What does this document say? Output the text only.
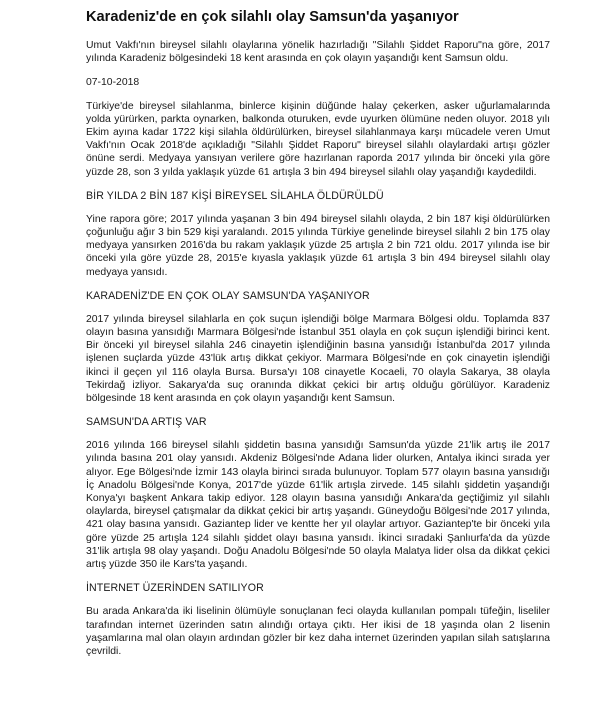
Karadeniz'de en çok silahlı olay Samsun'da yaşanıyor

Umut Vakfı'nın bireysel silahlı olaylarına yönelik hazırladığı "Silahlı Şiddet Raporu"na göre, 2017 yılında Karadeniz bölgesindeki 18 kent arasında en çok olayın yaşandığı kent Samsun oldu.

07-10-2018

Türkiye'de bireysel silahlanma, binlerce kişinin düğünde halay çekerken, asker uğurlamalarında yolda yürürken, parkta oynarken, balkonda oturuken, evde uyurken ölümüne neden oluyor. 2018 yılı Ekim ayına kadar 1722 kişi silahla öldürülürken, bireysel silahlanmaya karşı mücadele veren Umut Vakfı'nın Ocak 2018'de açıkladığı "Silahlı Şiddet Raporu" bireysel silahlı olaylardaki artışı gözler önüne serdi. Medyaya yansıyan verilere göre hazırlanan raporda 2017 yılında bir önceki yıla göre yüzde 28, son 3 yılda yaklaşık yüzde 61 artışla 3 bin 494 bireysel silahlı olay yaşandığı kaydedildi.

BİR YILDA 2 BİN 187 KİŞİ BİREYSEL SİLAHLA ÖLDÜRÜLDÜ

Yine rapora göre; 2017 yılında yaşanan 3 bin 494 bireysel silahlı olayda, 2 bin 187 kişi öldürülürken çoğunluğu ağır 3 bin 529 kişi yaralandı. 2015 yılında Türkiye genelinde bireysel silahlı 2 bin 175 olay medyaya yansırken 2016'da bu rakam yaklaşık yüzde 25 artışla 2 bin 721 oldu. 2017 yılında ise bir önceki yıla göre yüzde 28, 2015'e kıyasla yaklaşık yüzde 61 artışla 3 bin 494 bireysel silahlı olay medyaya yansıdı.

KARADENİZ'DE EN ÇOK OLAY SAMSUN'DA YAŞANIYOR

2017 yılında bireysel silahlarla en çok suçun işlendiği bölge Marmara Bölgesi oldu. Toplamda 837 olayın basına yansıdığı Marmara Bölgesi'nde İstanbul 351 olayla en çok suçun işlendiği birinci kent. Bir önceki yıl bireysel silahla 246 cinayetin işlendiğinin basına yansıdığı İstanbul'da 2017 yılında işlenen suçlarda yüzde 43'lük artış dikkat çekiyor. Marmara Bölgesi'nde en çok cinayetin işlendiği ikinci il geçen yıl 116 olayla Bursa. Bursa'yı 108 cinayetle Kocaeli, 70 olayla Sakarya, 38 olayla Tekirdağ izliyor. Sakarya'da suç oranında dikkat çekici bir artış olduğu görülüyor. Karadeniz bölgesinde 18 kent arasında en çok olayın yaşandığı kent Samsun.

SAMSUN'DA ARTIŞ VAR

2016 yılında 166 bireysel silahlı şiddetin basına yansıdığı Samsun'da yüzde 21'lik artış ile 2017 yılında basına 201 olay yansıdı. Akdeniz Bölgesi'nde Adana lider olurken, Antalya ikinci sırada yer alıyor. Ege Bölgesi'nde İzmir 143 olayla birinci sırada bulunuyor. Toplam 577 olayın basına yansıdığı İç Anadolu Bölgesi'nde Konya, 2017'de yüzde 61'lik artışla zirvede. 145 silahlı şiddetin yaşandığı Konya'yı başkent Ankara takip ediyor. 128 olayın basına yansıdığı Ankara'da geçtiğimiz yıl silahlı olaylarda, bireysel çatışmalar da dikkat çekici bir artış yaşandı. Güneydoğu Bölgesi'nde 2017 yılında, 421 olay basına yansıdı. Gaziantep lider ve kentte her yıl olaylar artıyor. Gaziantep'te bir önceki yıla göre yüzde 25 artışla 124 silahlı şiddet olayı basına yansıdı. İkinci sıradaki Şanlıurfa'da da yüzde 31'lik artışla 98 olay yaşandı. Doğu Anadolu Bölgesi'nde 50 olayla Malatya lider olsa da dikkat çekici artış yüzde 350 ile Kars'ta yaşandı.

İNTERNET ÜZERİNDEN SATILIYOR

Bu arada Ankara'da iki liselinin ölümüyle sonuçlanan feci olayda kullanılan pompalı tüfeğin, liseliler tarafından internet üzerinden satın alındığı ortaya çıktı. Her ikisi de 18 yaşında olan 2 lisenin yaşamlarına mal olan olayın ardından gözler bir kez daha internet üzerinden yapılan silah satışlarına çevrildi.
